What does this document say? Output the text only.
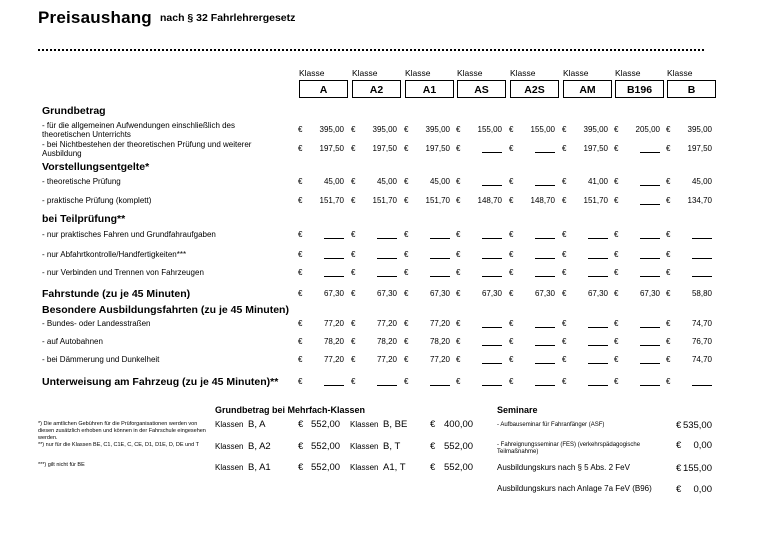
Preisaushang nach § 32 Fahrlehrergesetz
Klasse
A
Klasse
A2
Klasse
A1
Klasse
AS
Klasse
A2S
Klasse
AM
Klasse
B196
Klasse
B
Grundbetrag
- für die allgemeinen Aufwendungen einschließlich des
theoretischen Unterrichts
€	395,00 €	395,00 €	395,00 €	155,00 €	155,00 €	395,00 €	205,00 €	395,00
- bei Nichtbestehen der theoretischen Prüfung und weiterer
Ausbildung
€	197,50 €	197,50 €	197,50 €	€	€	197,50 €	€	197,50
Vorstellungsentgelte*
- theoretische Prüfung	€	45,00 €	45,00 €	45,00 €	€	€	41,00 €	€	45,00
- praktische Prüfung (komplett)	€	151,70 €	151,70 €	151,70 €	148,70 €	148,70 €	151,70 €	€	134,70
bei Teilprüfung**
- nur praktisches Fahren und Grundfahraufgaben	€	€	€	€	€	€	€	€
- nur Abfahrtkontrolle/Handfertigkeiten***	€	€	€	€	€	€	€	€
- nur Verbinden und Trennen von Fahrzeugen	€	€	€	€	€	€	€	€
Fahrstunde (zu je 45 Minuten)	€	67,30 €	67,30 €	67,30 €	67,30 €	67,30 €	67,30 €	67,30 €	58,80
Besondere Ausbildungsfahrten (zu je 45 Minuten)
- Bundes- oder Landesstraßen	€	77,20 €	77,20 €	77,20 €	€	€	€	€	74,70
- auf Autobahnen	€	78,20 €	78,20 €	78,20 €	€	€	€	€	76,70
- bei Dämmerung und Dunkelheit	€	77,20 €	77,20 €	77,20 €	€	€	€	€	74,70
Unterweisung am Fahrzeug (zu je 45 Minuten)** €	€	€	€	€	€	€	€
*) Die amtlichen Gebühren für die Prüforganisationen werden von diesen zusätzlich erhoben und können in der Fahrschule eingesehen werden.
**) nur für die Klassen BE, C1, C1E, C, CE, D1, D1E, D, DE und T
***) gilt nicht für BE
Grundbetrag bei Mehrfach-Klassen
Klassen B, A	€ 552,00 Klassen B, BE € 400,00
Klassen B, A2	€ 552,00 Klassen B, T	€ 552,00
Klassen B, A1	€ 552,00 Klassen A1, T	€ 552,00
Seminare
- Aufbauseminar für Fahranfänger (ASF)	€ 535,00
- Fahreignungsseminar (FES) (verkehrspädagogische
Teilmaßnahme)
€	0,00
Ausbildungskurs nach § 5 Abs. 2 FeV	€ 155,00
Ausbildungskurs nach Anlage 7a FeV (B96)	€	0,00
